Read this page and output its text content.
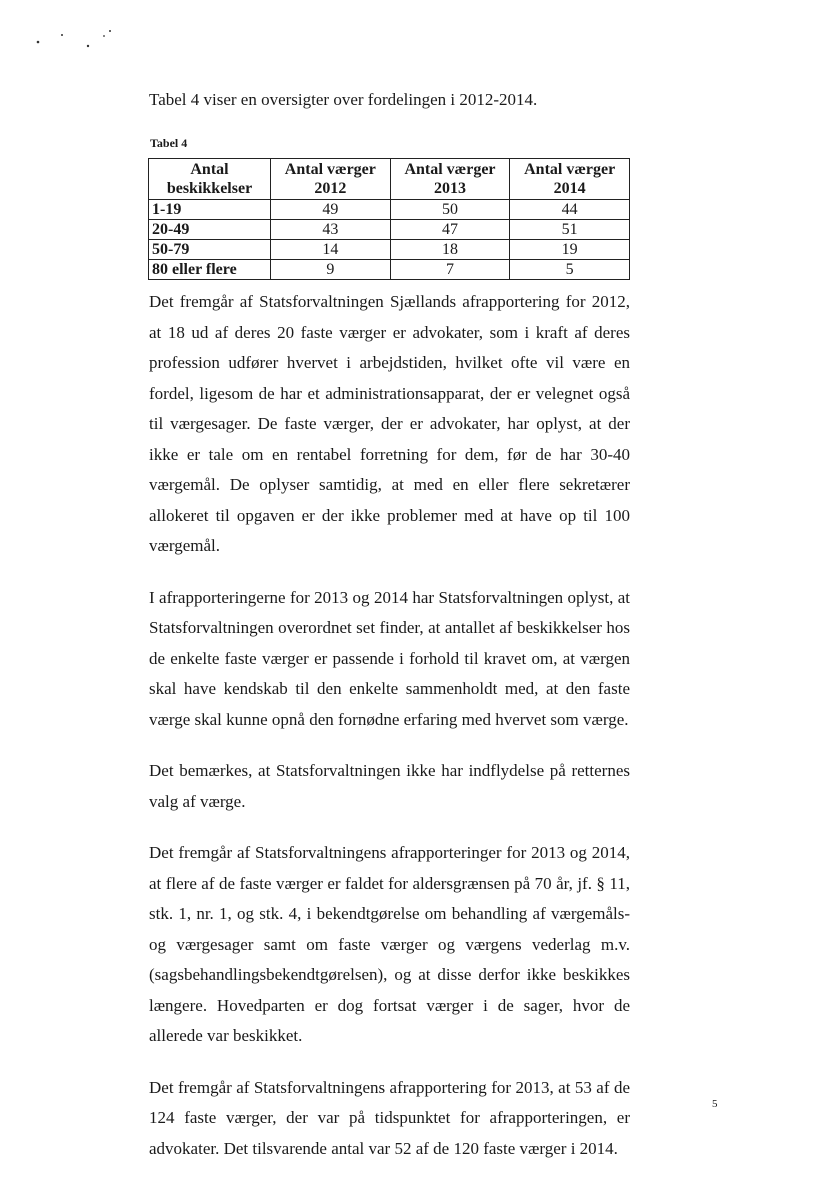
Tabel 4 viser en oversigter over fordelingen i 2012-2014.

Tabel 4

Antal beskikkelser	Antal værger 2012	Antal værger 2013	Antal værger 2014
1-19	49	50	44
20-49	43	47	51
50-79	14	18	19
80 eller flere	9	7	5

Det fremgår af Statsforvaltningen Sjællands afrapportering for 2012, at 18 ud af deres 20 faste værger er advokater, som i kraft af deres profession udfører hvervet i arbejdstiden, hvilket ofte vil være en fordel, ligesom de har et administrationsapparat, der er velegnet også til værgesager. De faste værger, der er advokater, har oplyst, at der ikke er tale om en rentabel forretning for dem, før de har 30-40 værgemål. De oplyser samtidig, at med en eller flere sekretærer allokeret til opgaven er der ikke problemer med at have op til 100 værgemål.

I afrapporteringerne for 2013 og 2014 har Statsforvaltningen oplyst, at Statsforvaltningen overordnet set finder, at antallet af beskikkelser hos de enkelte faste værger er passende i forhold til kravet om, at værgen skal have kendskab til den enkelte sammenholdt med, at den faste værge skal kunne opnå den fornødne erfaring med hvervet som værge.

Det bemærkes, at Statsforvaltningen ikke har indflydelse på retternes valg af værge.

Det fremgår af Statsforvaltningens afrapporteringer for 2013 og 2014, at flere af de faste værger er faldet for aldersgrænsen på 70 år, jf. § 11, stk. 1, nr. 1, og stk. 4, i bekendtgørelse om behandling af værgemåls- og værgesager samt om faste værger og værgens vederlag m.v. (sagsbehandlingsbekendtgørelsen), og at disse derfor ikke beskikkes længere. Hovedparten er dog fortsat værger i de sager, hvor de allerede var beskikket.

Det fremgår af Statsforvaltningens afrapportering for 2013, at 53 af de 124 faste værger, der var på tidspunktet for afrapporteringen, er advokater. Det tilsvarende antal var 52 af de 120 faste værger i 2014.

5
